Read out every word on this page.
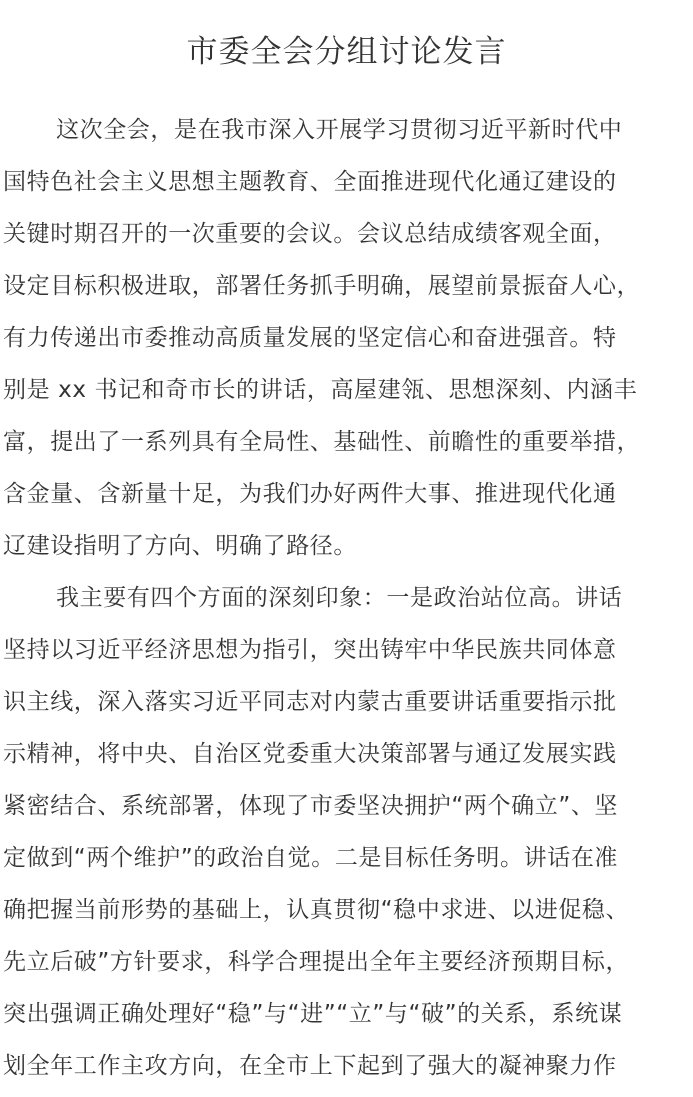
市委全会分组讨论发言
这次全会，是在我市深入开展学习贯彻习近平新时代中
国特色社会主义思想主题教育、全面推进现代化通辽建设的
关键时期召开的一次重要的会议。会议总结成绩客观全面，
设定目标积极进取，部署任务抓手明确，展望前景振奋人心，
有力传递出市委推动高质量发展的坚定信心和奋进强音。特
别是 xx 书记和奇市长的讲话，高屋建瓴、思想深刻、内涵丰
富，提出了一系列具有全局性、基础性、前瞻性的重要举措，
含金量、含新量十足，为我们办好两件大事、推进现代化通
辽建设指明了方向、明确了路径。
我主要有四个方面的深刻印象：一是政治站位高。讲话
坚持以习近平经济思想为指引，突出铸牢中华民族共同体意
识主线，深入落实习近平同志对内蒙古重要讲话重要指示批
示精神，将中央、自治区党委重大决策部署与通辽发展实践
紧密结合、系统部署，体现了市委坚决拥护“两个确立”、坚
定做到“两个维护”的政治自觉。二是目标任务明。讲话在准
确把握当前形势的基础上，认真贯彻“稳中求进、以进促稳、
先立后破”方针要求，科学合理提出全年主要经济预期目标，
突出强调正确处理好“稳”与“进”“立”与“破”的关系，系统谋
划全年工作主攻方向，在全市上下起到了强大的凝神聚力作
